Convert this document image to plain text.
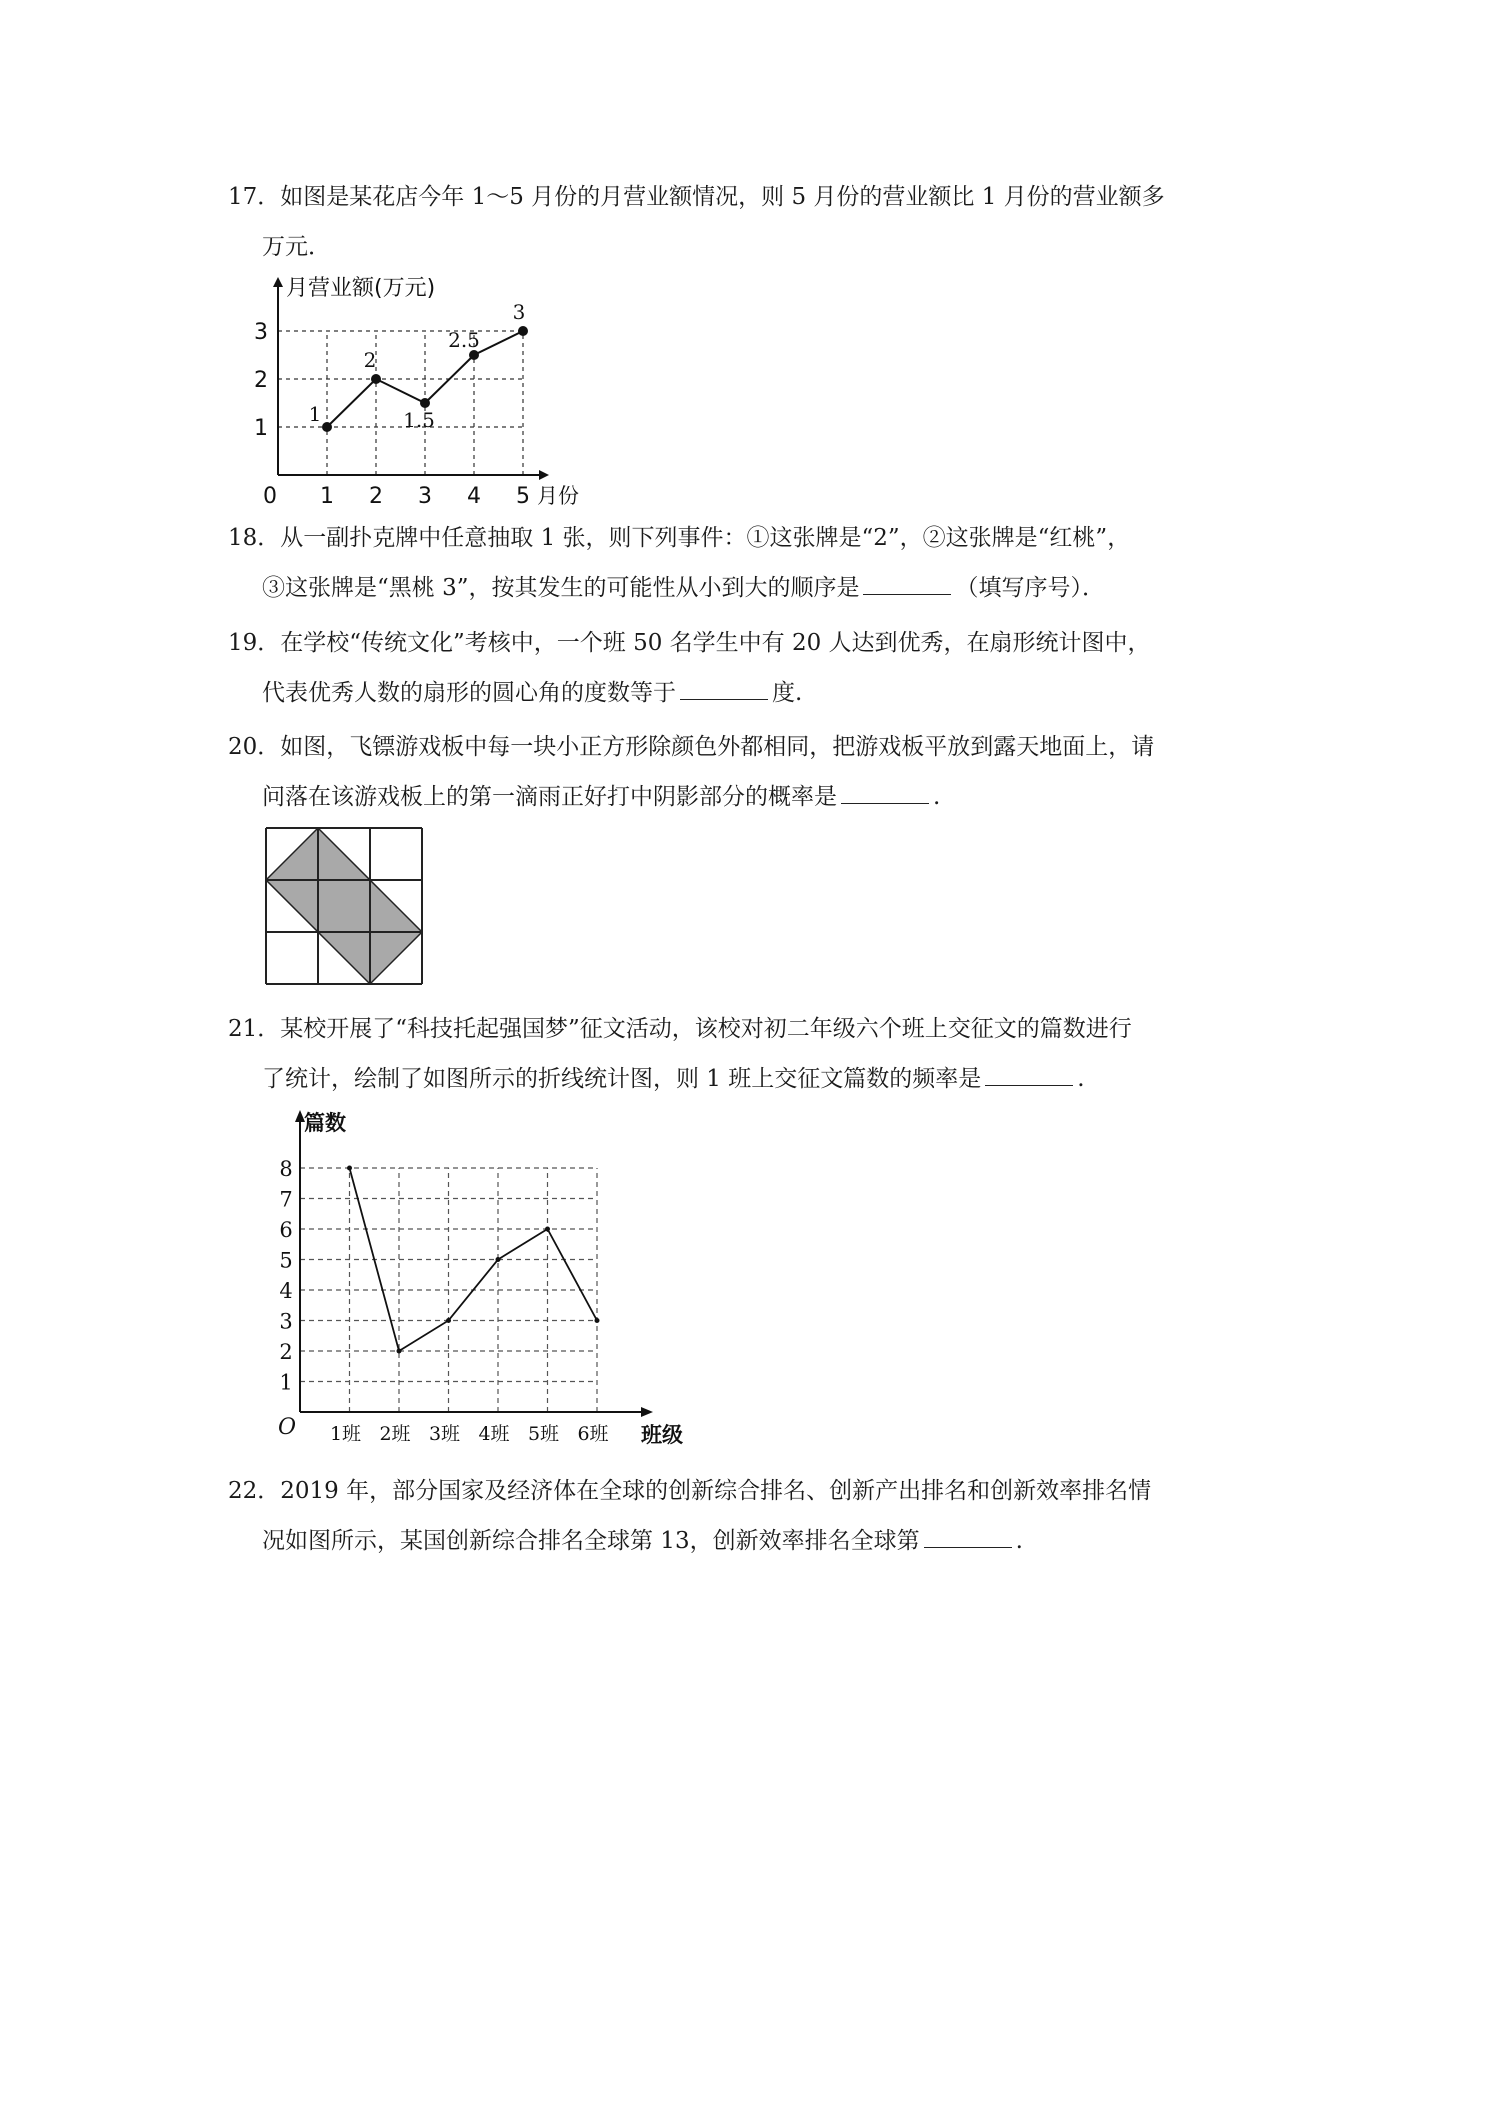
17．如图是某花店今年 1～5 月份的月营业额情况，则 5 月份的营业额比 1 月份的营业额多
万元．
月营业额(万元)
月份
0 1 2 3 4 5
1
2
3
1
2
1.5
2.5
3
18．从一副扑克牌中任意抽取 1 张，则下列事件：①这张牌是“2”，②这张牌是“红桃”，
③这张牌是“黑桃 3”，按其发生的可能性从小到大的顺序是	（填写序号）．
19．在学校“传统文化”考核中，一个班 50 名学生中有 20 人达到优秀，在扇形统计图中，
代表优秀人数的扇形的圆心角的度数等于	度.
20．如图，飞镖游戏板中每一块小正方形除颜色外都相同，把游戏板平放到露天地面上，请
问落在该游戏板上的第一滴雨正好打中阴影部分的概率是	.
21．某校开展了“科技托起强国梦”征文活动，该校对初二年级六个班上交征文的篇数进行
了统计，绘制了如图所示的折线统计图，则 1 班上交征文篇数的频率是	.
篇数
班级
O 1班 2班 3班 4班 5班 6班
1
2
3
4
5
6
7
8
22．2019 年，部分国家及经济体在全球的创新综合排名、创新产出排名和创新效率排名情
况如图所示，某国创新综合排名全球第 13，创新效率排名全球第	.
